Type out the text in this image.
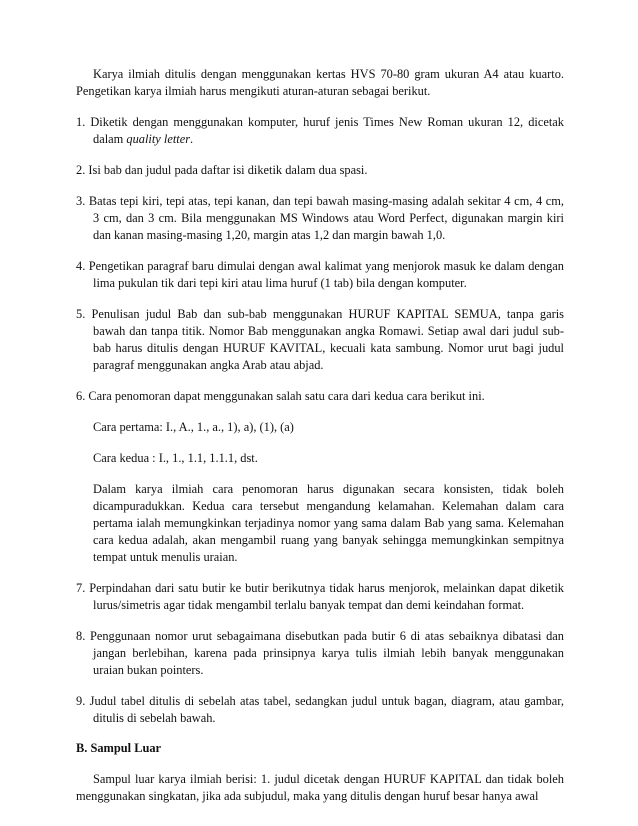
Karya ilmiah ditulis dengan menggunakan kertas HVS 70-80 gram ukuran A4 atau kuarto. Pengetikan karya ilmiah harus mengikuti aturan-aturan sebagai berikut.

1. Diketik dengan menggunakan komputer, huruf jenis Times New Roman ukuran 12, dicetak dalam quality letter.

2. Isi bab dan judul pada daftar isi diketik dalam dua spasi.

3. Batas tepi kiri, tepi atas, tepi kanan, dan tepi bawah masing-masing adalah sekitar 4 cm, 4 cm, 3 cm, dan 3 cm. Bila menggunakan MS Windows atau Word Perfect, digunakan margin kiri dan kanan masing-masing 1,20, margin atas 1,2 dan margin bawah 1,0.

4. Pengetikan paragraf baru dimulai dengan awal kalimat yang menjorok masuk ke dalam dengan lima pukulan tik dari tepi kiri atau lima huruf (1 tab) bila dengan komputer.

5. Penulisan judul Bab dan sub-bab menggunakan HURUF KAPITAL SEMUA, tanpa garis bawah dan tanpa titik. Nomor Bab menggunakan angka Romawi. Setiap awal dari judul sub-bab harus ditulis dengan HURUF KAVITAL, kecuali kata sambung. Nomor urut bagi judul paragraf menggunakan angka Arab atau abjad.

6. Cara penomoran dapat menggunakan salah satu cara dari kedua cara berikut ini.

Cara pertama: I., A., 1., a., 1), a), (1), (a)

Cara kedua : I., 1., 1.1, 1.1.1, dst.

Dalam karya ilmiah cara penomoran harus digunakan secara konsisten, tidak boleh dicampuradukkan. Kedua cara tersebut mengandung kelamahan. Kelemahan dalam cara pertama ialah memungkinkan terjadinya nomor yang sama dalam Bab yang sama. Kelemahan cara kedua adalah, akan mengambil ruang yang banyak sehingga memungkinkan sempitnya tempat untuk menulis uraian.

7. Perpindahan dari satu butir ke butir berikutnya tidak harus menjorok, melainkan dapat diketik lurus/simetris agar tidak mengambil terlalu banyak tempat dan demi keindahan format.

8. Penggunaan nomor urut sebagaimana disebutkan pada butir 6 di atas sebaiknya dibatasi dan jangan berlebihan, karena pada prinsipnya karya tulis ilmiah lebih banyak menggunakan uraian bukan pointers.

9. Judul tabel ditulis di sebelah atas tabel, sedangkan judul untuk bagan, diagram, atau gambar, ditulis di sebelah bawah.

B. Sampul Luar

Sampul luar karya ilmiah berisi: 1. judul dicetak dengan HURUF KAPITAL dan tidak boleh menggunakan singkatan, jika ada subjudul, maka yang ditulis dengan huruf besar hanya awal
